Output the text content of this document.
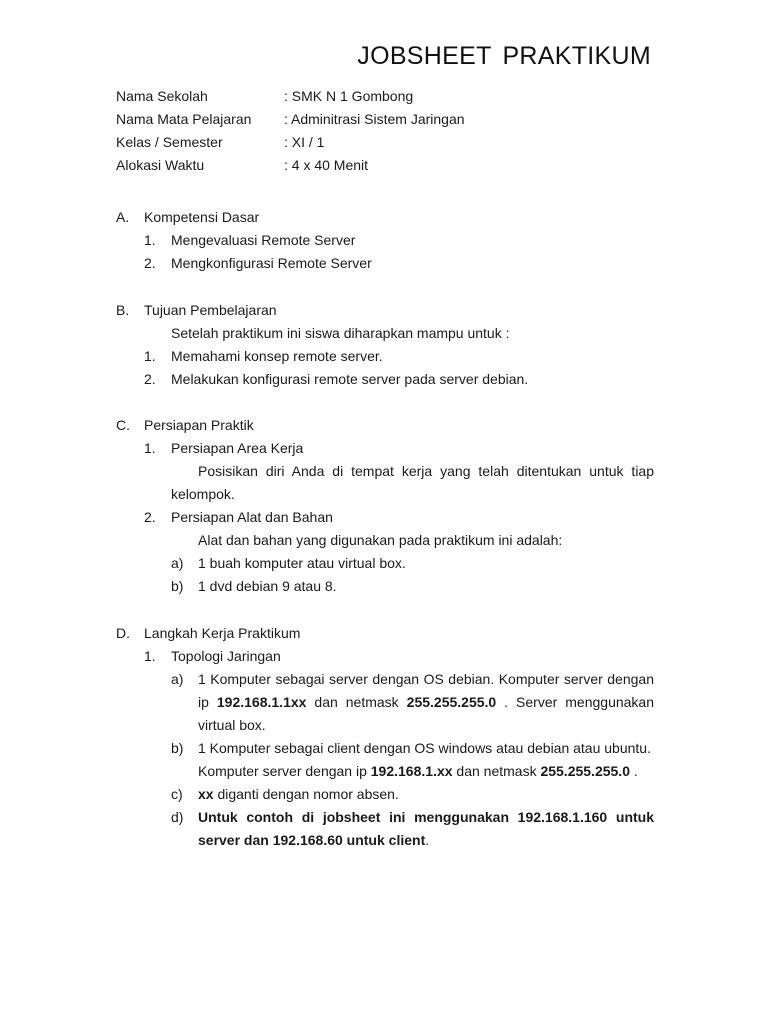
JOBSHEET PRAKTIKUM
Nama Sekolah	: SMK N 1 Gombong
Nama Mata Pelajaran	: Adminitrasi Sistem Jaringan
Kelas / Semester	: XI / 1
Alokasi Waktu	: 4 x 40 Menit
A.	Kompetensi Dasar
1.	Mengevaluasi Remote Server
2.	Mengkonfigurasi Remote Server
B.	Tujuan Pembelajaran
Setelah praktikum ini siswa diharapkan mampu untuk :
1.	Memahami konsep remote server.
2.	Melakukan konfigurasi remote server pada server debian.
C.	Persiapan Praktik
1.	Persiapan Area Kerja
Posisikan diri Anda di tempat kerja yang telah ditentukan untuk tiap
kelompok.
2.	Persiapan Alat dan Bahan
Alat dan bahan yang digunakan pada praktikum ini adalah:
a)	1 buah komputer atau virtual box.
b)	1 dvd debian 9 atau 8.
D.	Langkah Kerja Praktikum
1.	Topologi Jaringan
a)	1 Komputer sebagai server dengan OS debian. Komputer server dengan
ip 192.168.1.1xx dan netmask 255.255.255.0 . Server menggunakan
virtual box.
b)	1 Komputer sebagai client dengan OS windows atau debian atau ubuntu.
Komputer server dengan ip 192.168.1.xx dan netmask 255.255.255.0 .
c)	xx diganti dengan nomor absen.
d)	Untuk contoh di jobsheet ini menggunakan 192.168.1.160 untuk
server dan 192.168.60 untuk client.
